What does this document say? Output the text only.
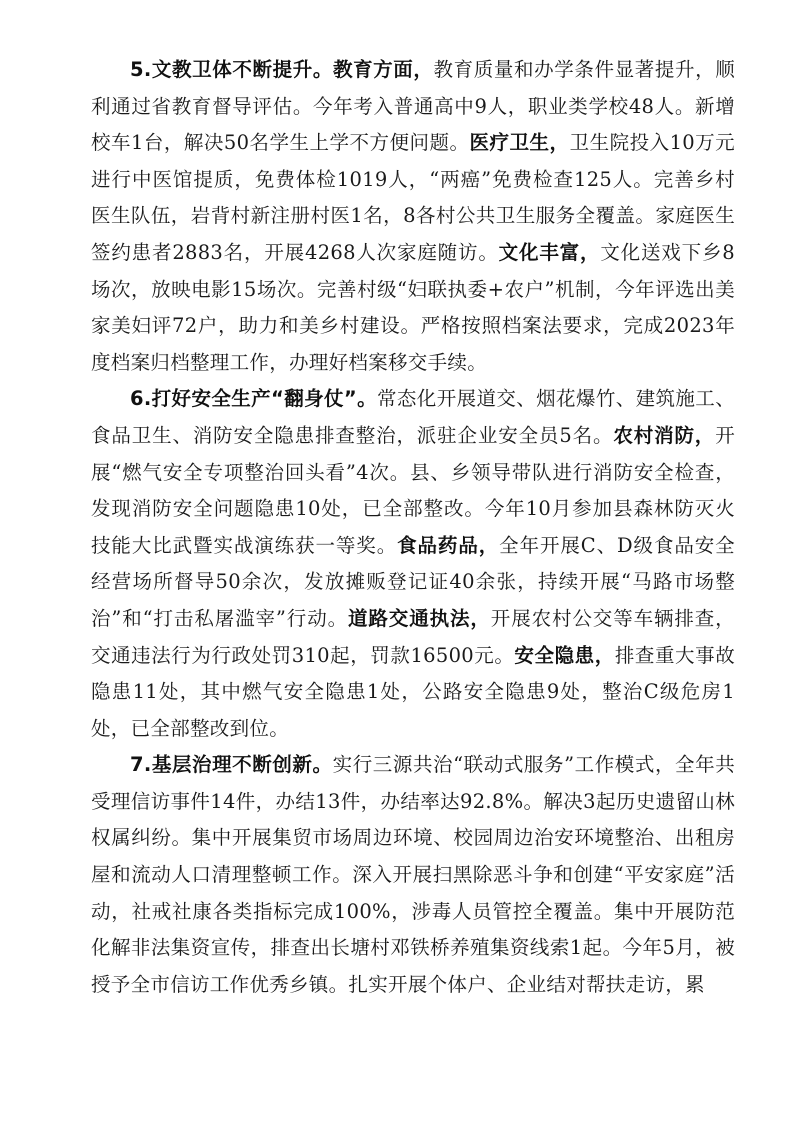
5.文教卫体不断提升。教育方面，教育质量和办学条件显著提升，顺利通过省教育督导评估。今年考入普通高中9人，职业类学校48人。新增校车1台，解决50名学生上学不方便问题。医疗卫生，卫生院投入10万元进行中医馆提质，免费体检1019人，“两癌”免费检查125人。完善乡村医生队伍，岩背村新注册村医1名，8各村公共卫生服务全覆盖。家庭医生签约患者2883名，开展4268人次家庭随访。文化丰富，文化送戏下乡8场次，放映电影15场次。完善村级“妇联执委+农户”机制，今年评选出美家美妇评72户，助力和美乡村建设。严格按照档案法要求，完成2023年度档案归档整理工作，办理好档案移交手续。

6.打好安全生产“翻身仗”。常态化开展道交、烟花爆竹、建筑施工、食品卫生、消防安全隐患排查整治，派驻企业安全员5名。农村消防，开展“燃气安全专项整治回头看”4次。县、乡领导带队进行消防安全检查，发现消防安全问题隐患10处，已全部整改。今年10月参加县森林防灭火技能大比武暨实战演练获一等奖。食品药品，全年开展C、D级食品安全经营场所督导50余次，发放摊贩登记证40余张，持续开展“马路市场整治”和“打击私屠滥宰”行动。道路交通执法，开展农村公交等车辆排查，交通违法行为行政处罚310起，罚款16500元。安全隐患，排查重大事故隐患11处，其中燃气安全隐患1处，公路安全隐患9处，整治C级危房1处，已全部整改到位。

7.基层治理不断创新。实行三源共治“联动式服务”工作模式，全年共受理信访事件14件，办结13件，办结率达92.8%。解决3起历史遗留山林权属纠纷。集中开展集贸市场周边环境、校园周边治安环境整治、出租房屋和流动人口清理整顿工作。深入开展扫黑除恶斗争和创建“平安家庭”活动，社戒社康各类指标完成100%，涉毒人员管控全覆盖。集中开展防范化解非法集资宣传，排查出长塘村邓铁桥养殖集资线索1起。今年5月，被授予全市信访工作优秀乡镇。扎实开展个体户、企业结对帮扶走访，累
